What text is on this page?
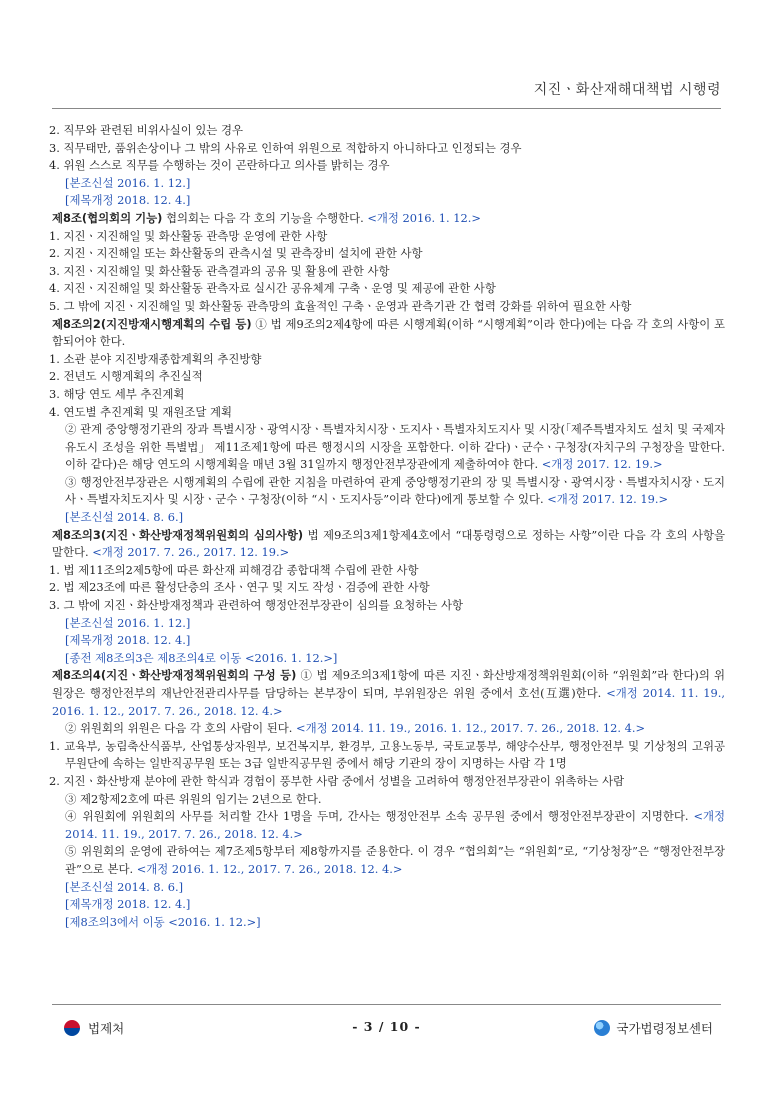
지진ㆍ화산재해대책법 시행령

2. 직무와 관련된 비위사실이 있는 경우

3. 직무태만, 품위손상이나 그 밖의 사유로 인하여 위원으로 적합하지 아니하다고 인정되는 경우

4. 위원 스스로 직무를 수행하는 것이 곤란하다고 의사를 밝히는 경우

[본조신설 2016. 1. 12.]

[제목개정 2018. 12. 4.]

제8조(협의회의 기능) 협의회는 다음 각 호의 기능을 수행한다. <개정 2016. 1. 12.>

1. 지진ㆍ지진해일 및 화산활동 관측망 운영에 관한 사항

2. 지진ㆍ지진해일 또는 화산활동의 관측시설 및 관측장비 설치에 관한 사항

3. 지진ㆍ지진해일 및 화산활동 관측결과의 공유 및 활용에 관한 사항

4. 지진ㆍ지진해일 및 화산활동 관측자료 실시간 공유체계 구축ㆍ운영 및 제공에 관한 사항

5. 그 밖에 지진ㆍ지진해일 및 화산활동 관측망의 효율적인 구축ㆍ운영과 관측기관 간 협력 강화를 위하여 필요한 사항

제8조의2(지진방재시행계획의 수립 등) ① 법 제9조의2제4항에 따른 시행계획(이하 “시행계획”이라 한다)에는 다음 각 호의 사항이 포함되어야 한다.

1. 소관 분야 지진방재종합계획의 추진방향

2. 전년도 시행계획의 추진실적

3. 해당 연도 세부 추진계획

4. 연도별 추진계획 및 재원조달 계획

② 관계 중앙행정기관의 장과 특별시장ㆍ광역시장ㆍ특별자치시장ㆍ도지사ㆍ특별자치도지사 및 시장(「제주특별자치도 설치 및 국제자유도시 조성을 위한 특별법」 제11조제1항에 따른 행정시의 시장을 포함한다. 이하 같다)ㆍ군수ㆍ구청장(자치구의 구청장을 말한다. 이하 같다)은 해당 연도의 시행계획을 매년 3월 31일까지 행정안전부장관에게 제출하여야 한다. <개정 2017. 12. 19.>

③ 행정안전부장관은 시행계획의 수립에 관한 지침을 마련하여 관계 중앙행정기관의 장 및 특별시장ㆍ광역시장ㆍ특별자치시장ㆍ도지사ㆍ특별자치도지사 및 시장ㆍ군수ㆍ구청장(이하 “시ㆍ도지사등”이라 한다)에게 통보할 수 있다. <개정 2017. 12. 19.>

[본조신설 2014. 8. 6.]

제8조의3(지진ㆍ화산방재정책위원회의 심의사항) 법 제9조의3제1항제4호에서 “대통령령으로 정하는 사항”이란 다음 각 호의 사항을 말한다. <개정 2017. 7. 26., 2017. 12. 19.>

1. 법 제11조의2제5항에 따른 화산재 피해경감 종합대책 수립에 관한 사항

2. 법 제23조에 따른 활성단층의 조사ㆍ연구 및 지도 작성ㆍ검증에 관한 사항

3. 그 밖에 지진ㆍ화산방재정책과 관련하여 행정안전부장관이 심의를 요청하는 사항

[본조신설 2016. 1. 12.]

[제목개정 2018. 12. 4.]

[종전 제8조의3은 제8조의4로 이동 <2016. 1. 12.>]

제8조의4(지진ㆍ화산방재정책위원회의 구성 등) ① 법 제9조의3제1항에 따른 지진ㆍ화산방재정책위원회(이하 “위원회”라 한다)의 위원장은 행정안전부의 재난안전관리사무를 담당하는 본부장이 되며, 부위원장은 위원 중에서 호선(互選)한다. <개정 2014. 11. 19., 2016. 1. 12., 2017. 7. 26., 2018. 12. 4.>

② 위원회의 위원은 다음 각 호의 사람이 된다. <개정 2014. 11. 19., 2016. 1. 12., 2017. 7. 26., 2018. 12. 4.>

1. 교육부, 농림축산식품부, 산업통상자원부, 보건복지부, 환경부, 고용노동부, 국토교통부, 해양수산부, 행정안전부 및 기상청의 고위공무원단에 속하는 일반직공무원 또는 3급 일반직공무원 중에서 해당 기관의 장이 지명하는 사람 각 1명

2. 지진ㆍ화산방재 분야에 관한 학식과 경험이 풍부한 사람 중에서 성별을 고려하여 행정안전부장관이 위촉하는 사람

③ 제2항제2호에 따른 위원의 임기는 2년으로 한다.

④ 위원회에 위원회의 사무를 처리할 간사 1명을 두며, 간사는 행정안전부 소속 공무원 중에서 행정안전부장관이 지명한다. <개정 2014. 11. 19., 2017. 7. 26., 2018. 12. 4.>

⑤ 위원회의 운영에 관하여는 제7조제5항부터 제8항까지를 준용한다. 이 경우 “협의회”는 “위원회”로, “기상청장”은 “행정안전부장관”으로 본다. <개정 2016. 1. 12., 2017. 7. 26., 2018. 12. 4.>

[본조신설 2014. 8. 6.]

[제목개정 2018. 12. 4.]

[제8조의3에서 이동 <2016. 1. 12.>]

법제처	- 3 / 10 -	국가법령정보센터
